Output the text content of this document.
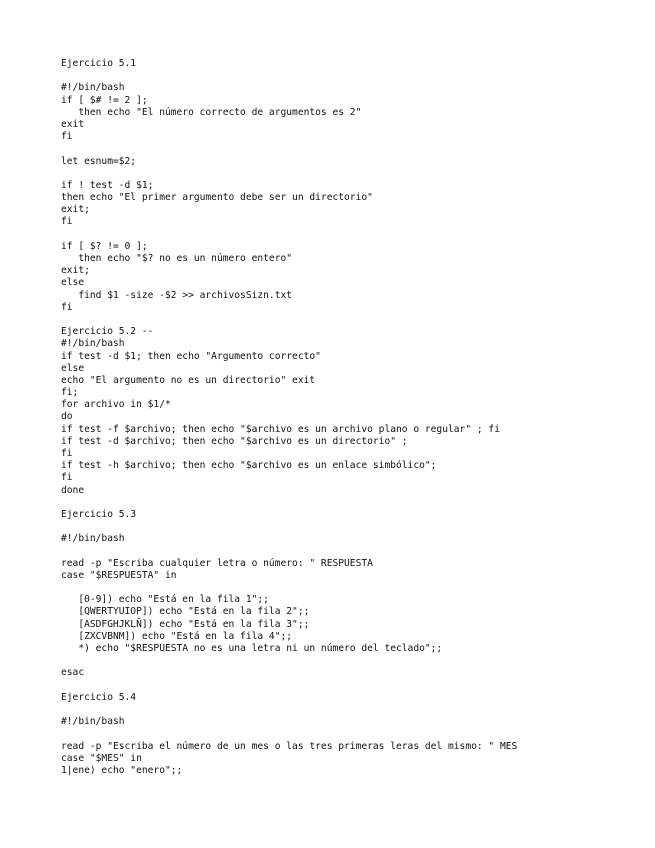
Ejercicio 5.1
#!/bin/bash
if [ $# != 2 ];
then echo "El número correcto de argumentos es 2"
exit
fi
let esnum=$2;
if ! test -d $1;
then echo "El primer argumento debe ser un directorio"
exit;
fi
if [ $? != 0 ];
then echo "$? no es un número entero"
exit;
else
find $1 -size -$2 >> archivosSizn.txt
fi
Ejercicio 5.2 --
#!/bin/bash
if test -d $1; then echo "Argumento correcto"
else
echo "El argumento no es un directorio" exit
fi;
for archivo in $1/*
do
if test -f $archivo; then echo "$archivo es un archivo plano o regular" ; fi
if test -d $archivo; then echo "$archivo es un directorio" ;
fi
if test -h $archivo; then echo "$archivo es un enlace simbólico";
fi
done
Ejercicio 5.3
#!/bin/bash
read -p "Escriba cualquier letra o número: " RESPUESTA
case "$RESPUESTA" in
[0-9]) echo "Está en la fila 1";;
[QWERTYUIOP]) echo "Está en la fila 2";;
[ASDFGHJKLÑ]) echo "Está en la fila 3";;
[ZXCVBNM]) echo "Está en la fila 4";;
*) echo "$RESPUESTA no es una letra ni un número del teclado";;
esac
Ejercicio 5.4
#!/bin/bash
read -p "Escriba el número de un mes o las tres primeras leras del mismo: " MES
case "$MES" in
1|ene) echo "enero";;
